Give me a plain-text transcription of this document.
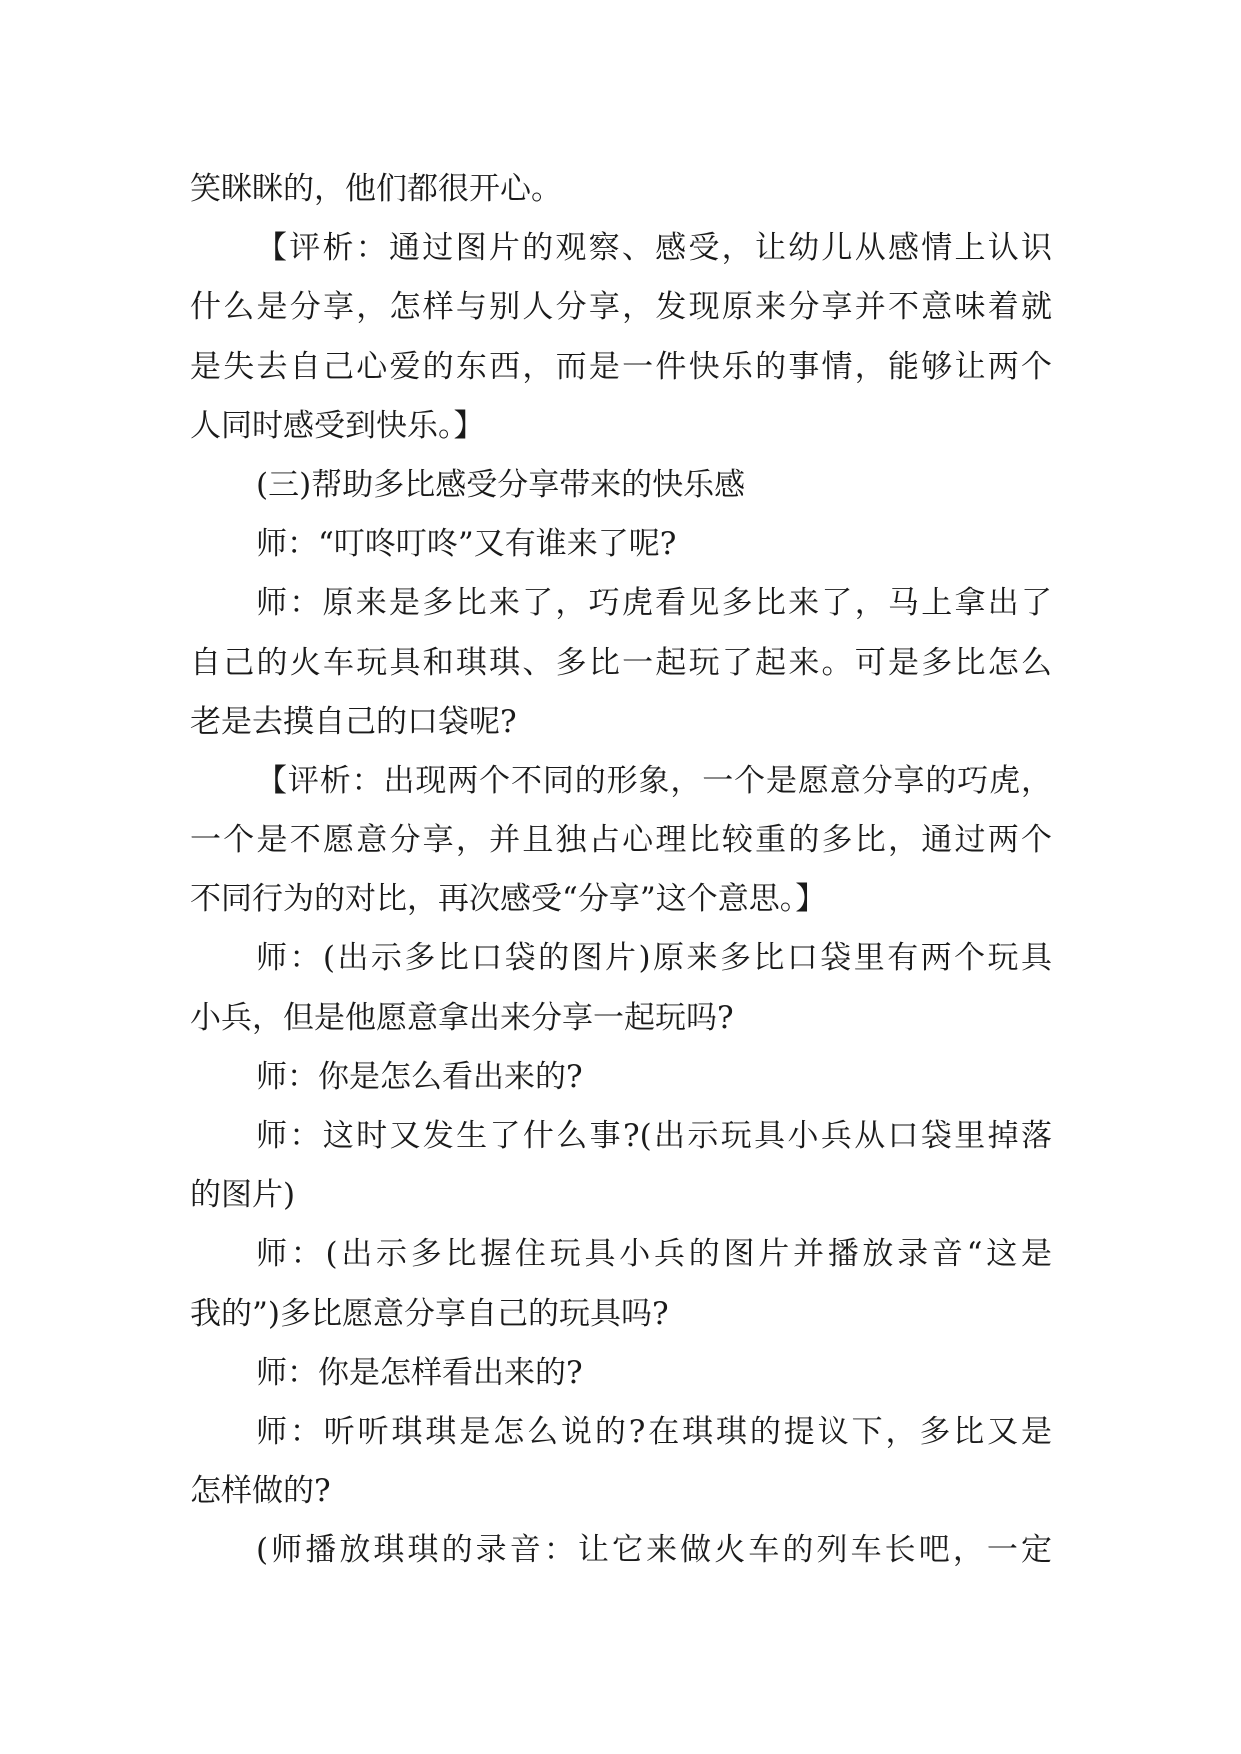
笑眯眯的，他们都很开心。
【评析：通过图片的观察、感受，让幼儿从感情上认识
什么是分享，怎样与别人分享，发现原来分享并不意味着就
是失去自己心爱的东西，而是一件快乐的事情，能够让两个
人同时感受到快乐。】
(三)帮助多比感受分享带来的快乐感
师：“叮咚叮咚”又有谁来了呢?
师：原来是多比来了，巧虎看见多比来了，马上拿出了
自己的火车玩具和琪琪、多比一起玩了起来。可是多比怎么
老是去摸自己的口袋呢?
【评析：出现两个不同的形象，一个是愿意分享的巧虎，
一个是不愿意分享，并且独占心理比较重的多比，通过两个
不同行为的对比，再次感受“分享”这个意思。】
师：(出示多比口袋的图片)原来多比口袋里有两个玩具
小兵，但是他愿意拿出来分享一起玩吗?
师：你是怎么看出来的?
师：这时又发生了什么事?(出示玩具小兵从口袋里掉落
的图片)
师：(出示多比握住玩具小兵的图片并播放录音“这是
我的”)多比愿意分享自己的玩具吗?
师：你是怎样看出来的?
师：听听琪琪是怎么说的?在琪琪的提议下，多比又是
怎样做的?
(师播放琪琪的录音：让它来做火车的列车长吧，一定
